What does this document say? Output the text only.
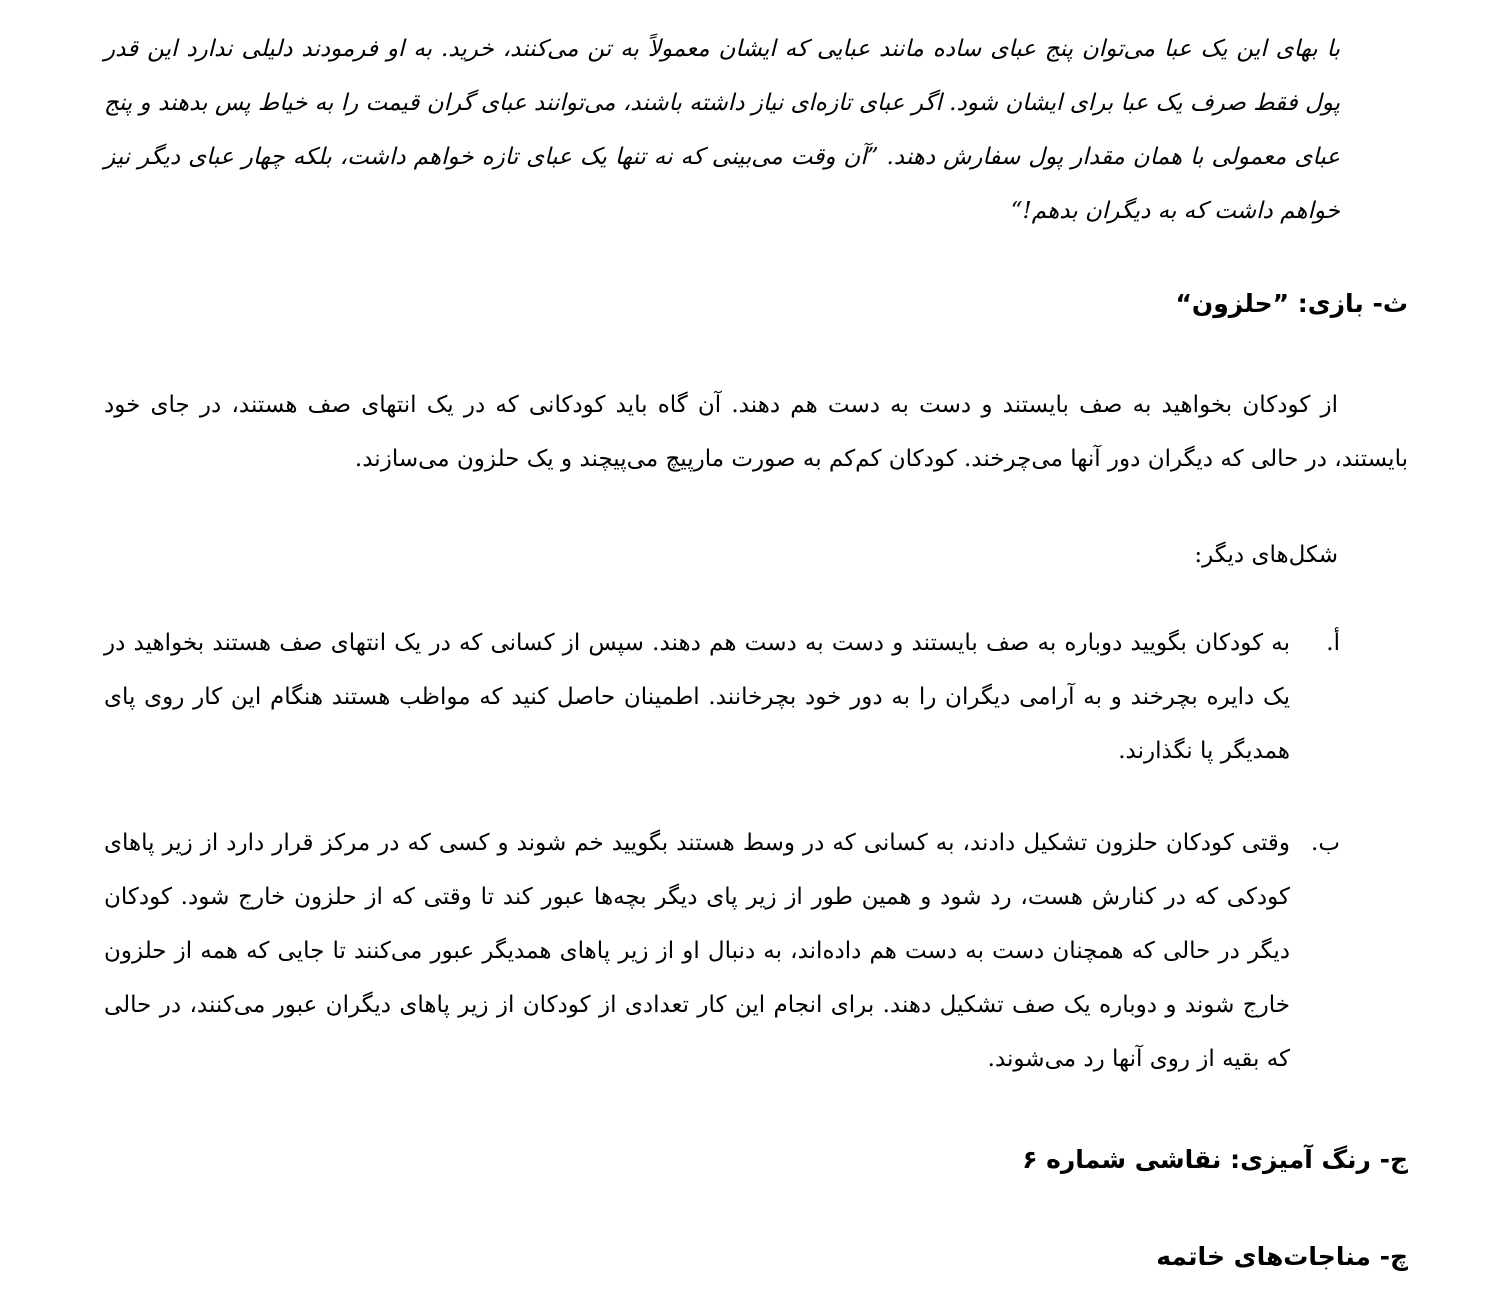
با بهای این یک عبا می‌توان پنج عبای ساده مانند عبایی که ایشان معمولاً به تن می‌کنند، خرید. به او فرمودند دلیلی ندارد این قدر پول فقط صرف یک عبا برای ایشان شود. اگر عبای تازه‌ای نیاز داشته باشند، می‌توانند عبای گران قیمت را به خیاط پس بدهند و پنج عبای معمولی با همان مقدار پول سفارش دهند. ”آن وقت می‌بینی که نه تنها یک عبای تازه خواهم داشت، بلکه چهار عبای دیگر نیز خواهم داشت که به دیگران بدهم!“

ث- بازی: ”حلزون“

از کودکان بخواهید به صف بایستند و دست به دست هم دهند. آن گاه باید کودکانی که در یک انتهای صف هستند، در جای خود بایستند، در حالی که دیگران دور آنها می‌چرخند. کودکان کم‌کم به صورت مارپیچ می‌پیچند و یک حلزون می‌سازند.

شکل‌های دیگر:

أ.

به کودکان بگویید دوباره به صف بایستند و دست به دست هم دهند. سپس از کسانی که در یک انتهای صف هستند بخواهید در یک دایره بچرخند و به آرامی دیگران را به دور خود بچرخانند. اطمینان حاصل کنید که مواظب هستند هنگام این کار روی پای همدیگر پا نگذارند.

ب.

وقتی کودکان حلزون تشکیل دادند، به کسانی که در وسط هستند بگویید خم شوند و کسی که در مرکز قرار دارد از زیر پاهای کودکی که در کنارش هست، رد شود و همین طور از زیر پای دیگر بچه‌ها عبور کند تا وقتی که از حلزون خارج شود. کودکان دیگر در حالی که همچنان دست به دست هم داده‌اند، به دنبال او از زیر پاهای همدیگر عبور می‌کنند تا جایی که همه از حلزون خارج شوند و دوباره یک صف تشکیل دهند. برای انجام این کار تعدادی از کودکان از زیر پاهای دیگران عبور می‌کنند، در حالی که بقیه از روی آنها رد می‌شوند.

ج- رنگ آمیزی: نقاشی شماره ۶
چ- مناجات‌های خاتمه
